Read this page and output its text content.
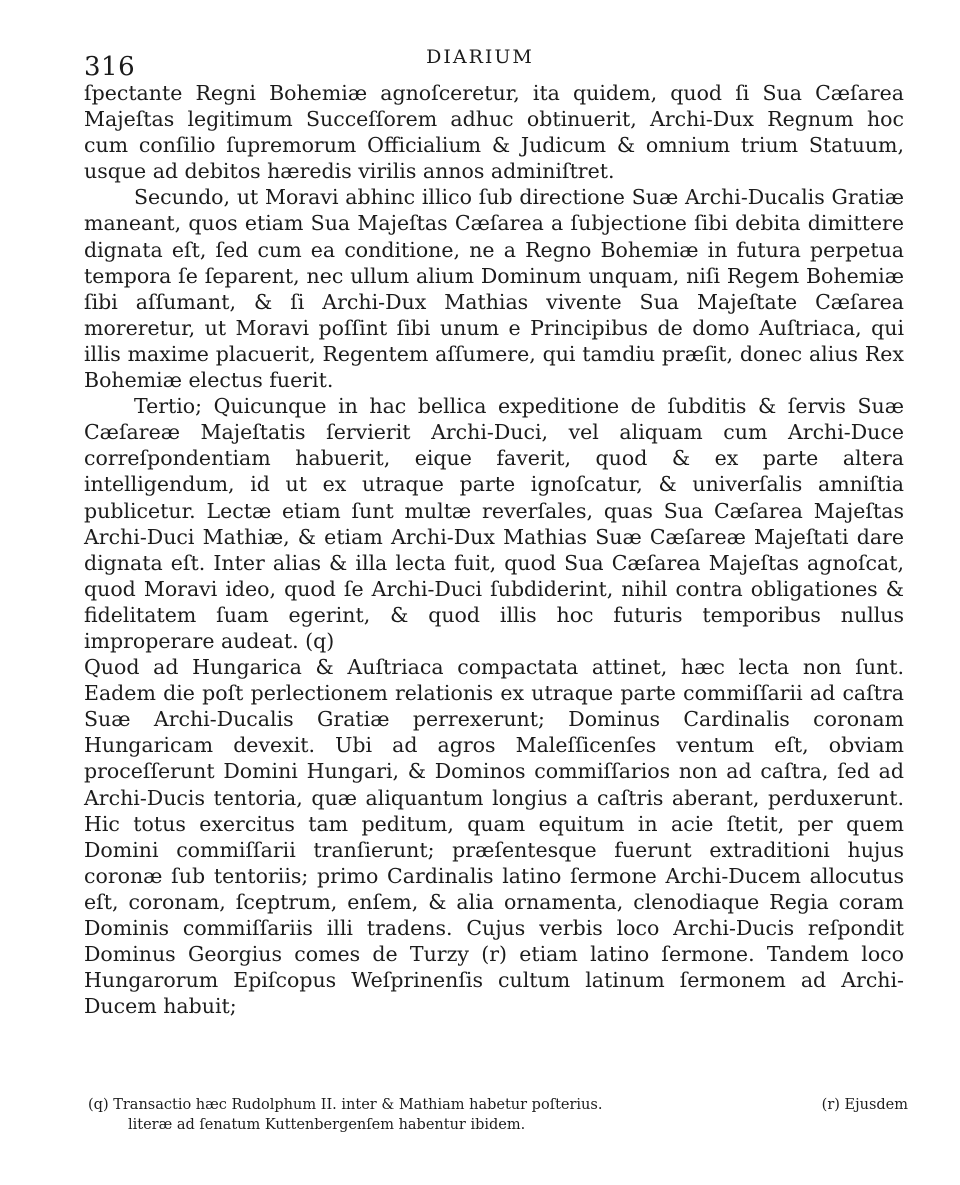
316	DIARIUM

ſpectante Regni Bohemiæ agnoſceretur, ita quidem, quod ſi Sua Cæſarea Majeſtas legitimum Succeſſorem adhuc obtinuerit, Archi-Dux Regnum hoc cum conſilio ſupremorum Officialium & Judicum & omnium trium Statuum, usque ad debitos hæredis virilis annos adminiſtret.

Secundo, ut Moravi abhinc illico ſub directione Suæ Archi-Ducalis Gratiæ maneant, quos etiam Sua Majeſtas Cæſarea a ſubjectione ſibi debita dimittere dignata eſt, ſed cum ea conditione, ne a Regno Bohemiæ in futura perpetua tempora ſe ſeparent, nec ullum alium Dominum unquam, niſi Regem Bohemiæ ſibi aſſumant, & ſi Archi-Dux Mathias vivente Sua Majeſtate Cæſarea moreretur, ut Moravi poſſint ſibi unum e Principibus de domo Auſtriaca, qui illis maxime placuerit, Regentem aſſumere, qui tamdiu præſit, donec alius Rex Bohemiæ electus fuerit.

Tertio; Quicunque in hac bellica expeditione de ſubditis & ſervis Suæ Cæſareæ Majeſtatis ſervierit Archi-Duci, vel aliquam cum Archi-Duce correſpondentiam habuerit, eique faverit, quod & ex parte altera intelligendum, id ut ex utraque parte ignoſcatur, & univerſalis amniſtia publicetur. Lectæ etiam ſunt multæ reverſales, quas Sua Cæſarea Majeſtas Archi-Duci Mathiæ, & etiam Archi-Dux Mathias Suæ Cæſareæ Majeſtati dare dignata eſt. Inter alias & illa lecta fuit, quod Sua Cæſarea Majeſtas agnoſcat, quod Moravi ideo, quod ſe Archi-Duci ſubdiderint, nihil contra obligationes & fidelitatem ſuam egerint, & quod illis hoc futuris temporibus nullus improperare audeat. (q)

Quod ad Hungarica & Auſtriaca compactata attinet, hæc lecta non ſunt. Eadem die poſt perlectionem relationis ex utraque parte commiſſarii ad caſtra Suæ Archi-Ducalis Gratiæ perrexerunt; Dominus Cardinalis coronam Hungaricam devexit. Ubi ad agros Maleſſicenſes ventum eſt, obviam proceſſerunt Domini Hungari, & Dominos commiſſarios non ad caſtra, ſed ad Archi-Ducis tentoria, quæ aliquantum longius a caſtris aberant, perduxerunt. Hic totus exercitus tam peditum, quam equitum in acie ſtetit, per quem Domini commiſſarii tranſierunt; præſentesque fuerunt extraditioni hujus coronæ ſub tentoriis; primo Cardinalis latino ſermone Archi-Ducem allocutus eſt, coronam, ſceptrum, enſem, & alia ornamenta, clenodiaque Regia coram Dominis commiſſariis illi tradens. Cujus verbis loco Archi-Ducis reſpondit Dominus Georgius comes de Turzy (r) etiam latino ſermone. Tandem loco Hungarorum Epiſcopus Weſprinenſis cultum latinum ſermonem ad Archi-Ducem habuit;

(q) Transactio hæc Rudolphum II. inter & Mathiam habetur poſterius.
literæ ad ſenatum Kuttenbergenſem habentur ibidem.
(r) Ejusdem
